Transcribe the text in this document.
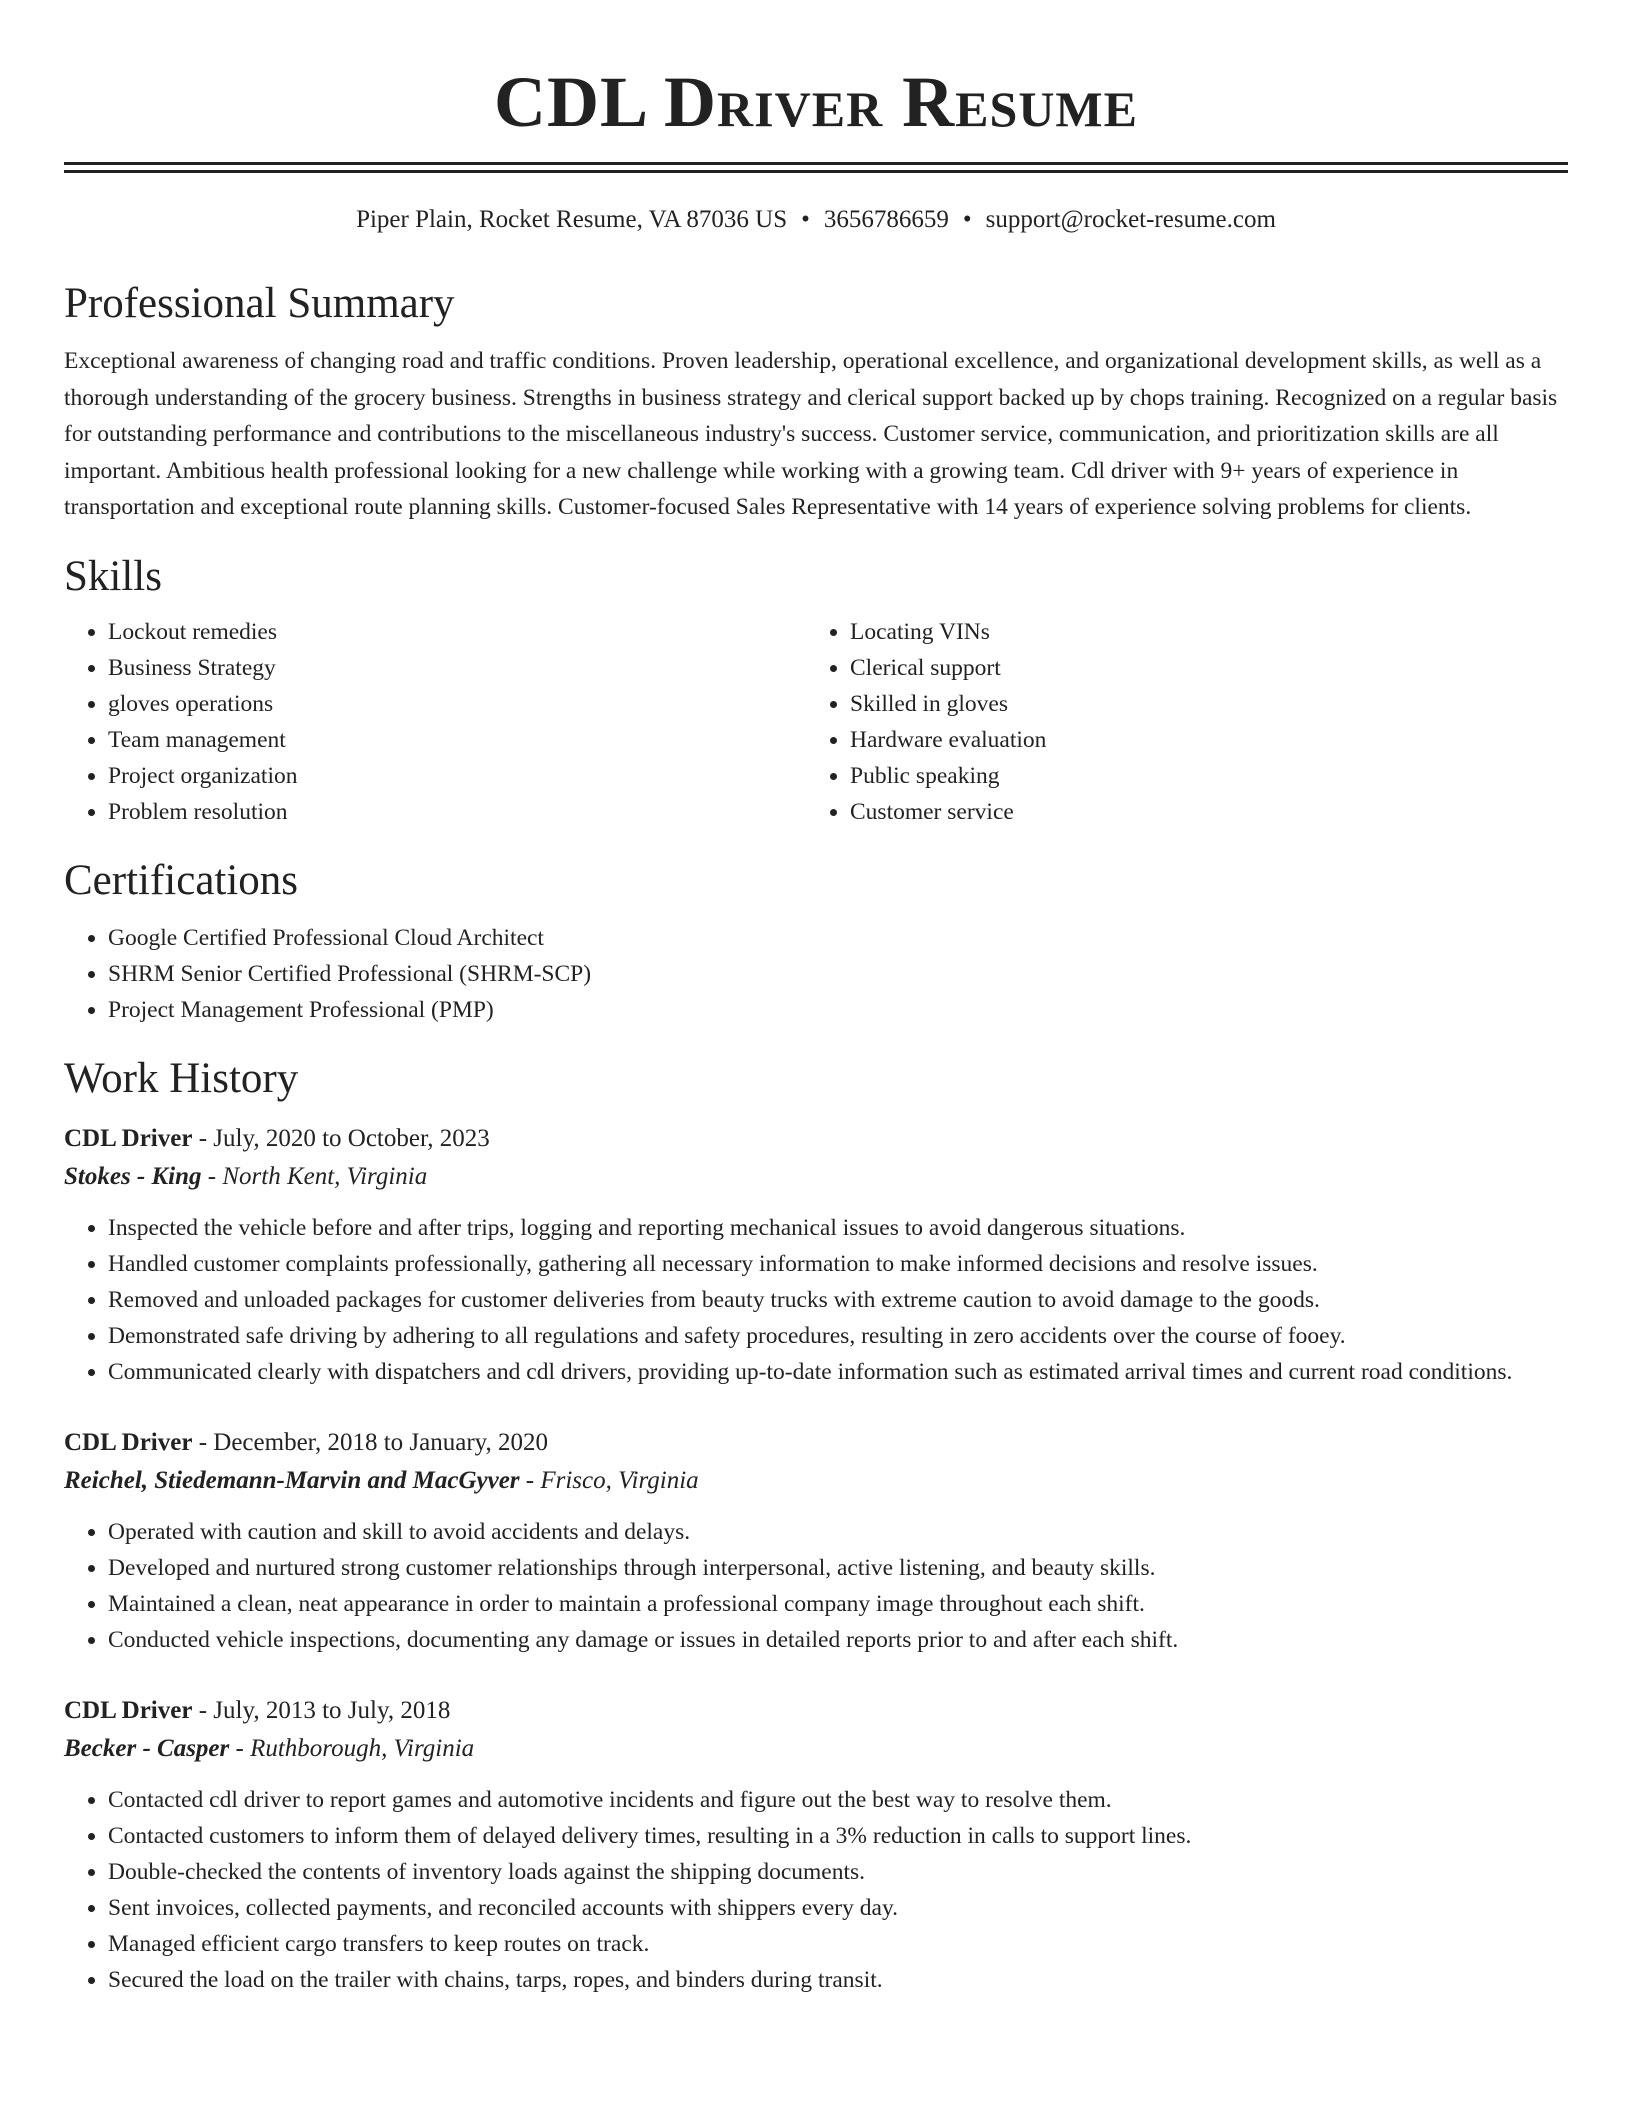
CDL Driver Resume
Piper Plain, Rocket Resume, VA 87036 US • 3656786659 • support@rocket-resume.com
Professional Summary

Exceptional awareness of changing road and traffic conditions. Proven leadership, operational excellence, and organizational development skills, as well as a thorough understanding of the grocery business. Strengths in business strategy and clerical support backed up by chops training. Recognized on a regular basis for outstanding performance and contributions to the miscellaneous industry's success. Customer service, communication, and prioritization skills are all important. Ambitious health professional looking for a new challenge while working with a growing team. Cdl driver with 9+ years of experience in transportation and exceptional route planning skills. Customer-focused Sales Representative with 14 years of experience solving problems for clients.

Skills
• Lockout remedies
• Business Strategy
• gloves operations
• Team management
• Project organization
• Problem resolution
• Locating VINs
• Clerical support
• Skilled in gloves
• Hardware evaluation
• Public speaking
• Customer service
Certifications
• Google Certified Professional Cloud Architect
• SHRM Senior Certified Professional (SHRM-SCP)
• Project Management Professional (PMP)
Work History
CDL Driver - July, 2020 to October, 2023
Stokes - King - North Kent, Virginia
• Inspected the vehicle before and after trips, logging and reporting mechanical issues to avoid dangerous situations.
• Handled customer complaints professionally, gathering all necessary information to make informed decisions and resolve issues.
• Removed and unloaded packages for customer deliveries from beauty trucks with extreme caution to avoid damage to the goods.
• Demonstrated safe driving by adhering to all regulations and safety procedures, resulting in zero accidents over the course of fooey.
• Communicated clearly with dispatchers and cdl drivers, providing up-to-date information such as estimated arrival times and current road conditions.
CDL Driver - December, 2018 to January, 2020
Reichel, Stiedemann-Marvin and MacGyver - Frisco, Virginia
• Operated with caution and skill to avoid accidents and delays.
• Developed and nurtured strong customer relationships through interpersonal, active listening, and beauty skills.
• Maintained a clean, neat appearance in order to maintain a professional company image throughout each shift.
• Conducted vehicle inspections, documenting any damage or issues in detailed reports prior to and after each shift.
CDL Driver - July, 2013 to July, 2018
Becker - Casper - Ruthborough, Virginia
• Contacted cdl driver to report games and automotive incidents and figure out the best way to resolve them.
• Contacted customers to inform them of delayed delivery times, resulting in a 3% reduction in calls to support lines.
• Double-checked the contents of inventory loads against the shipping documents.
• Sent invoices, collected payments, and reconciled accounts with shippers every day.
• Managed efficient cargo transfers to keep routes on track.
• Secured the load on the trailer with chains, tarps, ropes, and binders during transit.
